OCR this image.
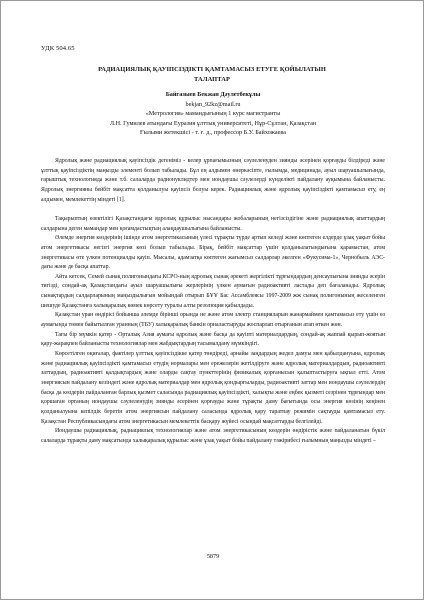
УДК 504.65
РАДИАЦИЯЛЫҚ ҚАУІПСІЗДІКТІ ҚАМТАМАСЫЗ ЕТУГЕ ҚОЙЫЛАТЫН
ТАЛАПТАР
Байгазыев Бекжан Дәулетбекұлы
bekjan_92kz@mail.ru
«Метрология» мамандығының 1 курс магистранты
Л.Н. Гумилев атындағы Еуразия ұлттық университеті, Нұр-Сұлтан, Қазақстан
Ғылыми жетекшісі - т. ғ. д., профессор Б.У. Байхожаева

Ядролық және радиациялық қауіпсіздік дегеніміз - келер ұрпағымызның сәулеленуден зиянды әсерінен қорғауды білдіреді және ұлттық қауіпсіздіктің маңызды элементі болып табылады. Бұл ең алдымен өнеркәсіпте, ғылымда, медицинада, ауыл шаруашылығында, ғарыштық технологияда және т.б. салаларда радионуклидтер мен иондаушы сәулелерді күнделікті пайдалану ауқымына байланысты. Ядролық энергияны бейбіт мақсатта қолданылуы қауіпсіз болуы керек. Радиациялық және ядролық қауіпсіздікті қамтамасыз ету, ең алдымен, мемлекеттің міндеті [1].

Тақырыптың өзектілігі Қазақстандағы ядролық құрылыс нысандары жобаларының негізсіздігіне және радиациялық апаттардың салдарына деген мамандар мен қоғамдастықтың алаңдаушылығына байланысты.

Әлемде энергия көздерінің ішінде атом энергетикасының үлесі тұрақты түрде артып келеді және көптеген елдерде ұзақ уақыт бойы атом энергетикасы негізгі энергия көзі болып табылады. Бірақ, бейбіт мақсаттар үшін қолданылатындығына қарамастан, атом энергетикасы өте үлкен потенциалды қауіп. Мысалы, адамзатқа көптеген жағымсыз салдарлар әкелген «Фукусима-1», Чернобыль АЭС-дағы және де басқа апаттар.

Айта кетсек, Семей сынақ полигонындағы КСРО-ның ядролық сынақ әрекеті жергілікті тұрғындардың денсаулығына зиянды әсерін тигізді, сондай-ақ Қазақстандағы ауыл шаруашылығы жерлерінің үлкен аумағын радиоактивті ластады деп бағаланады. Ядролық сынақтардың салдарларының маңыздылығын мойындай отырып БҰҰ Бас Ассамблеясы 1997-2009 жж сынақ полигонының жеселенген шешуде Қазақстанға халықаралық көмек көрсету туралы алты резолюция қабылдады.

Қазақстан уран өндірісі бойынша әлемде бірінші орында не және атом электр станцияларын жанармаймен қамтамасыз ету үшін өз аумағында төмен байытылған уранның (ТБУ) халықаралық банкін орналастыруды жоспарлап отырғанын атап өткен жөн.

Тағы бір мүмкін қатер - Орталық Азия аумағы ядролық және басқа да қауіпті материалдардың, сондай-ақ жаппай қырып-жоятын қару-жарақпен байланысты технологиялар мен жабдықтардың тасымалдану мүмкіндігі.

Көрсетілген оқиғалар, фактілер ұлттық қауіпсіздікке қатер төндіреді, арнайы заңдардың жедел дамуы мен қабылдануына, ядролық және радиациялық қауіпсіздікті қамтамасыз етудің нормалары мен ережелерін жетілдіруге және ядролық материалдардың, радиоактивті заттардың, радиоактивті қалдықтардың және оларды сақтау пункттерінің физикалық қорғанысын қалыптастыруға ықпал етті. Атом энергиясын пайдалану кезіндегі және ядролық материалдар мен ядролық қондырғыларды, радиоактивті заттар мен иондаушы сәулелердің басқа да көздерін пайдаланған барлық қызмет саласында радиациялық қауіпсіздікті, халықты және еңбек қызметі сезрінен тұрғындар мен қоршаған ортаның иондаушы сәулеленудің зиянды әсерінен қорғауды және тұрақты даму бағытында осы энергия көзінің кеңінен қолданылуына кепілдік беретін атом энергиясын пайдалану саласында ядролық қару таратпау режимін сақтауды қамтамасыз ету. Қазақстан Республикасындағы атом энергетикасын мемлекеттік басқару жүйесі осындай мақсаттарды белгілейді.

Иондаушы радиациялық, радиациялық технологиялар және атом энергетикасының көздерін өндірістік және пайдаланатын бүкіл салаларда тұрақты даму мақсатында халықаралық құрылыс және ұзақ уақыт бойы пайдалану тәжірибесі ғылымның маңызды міндеті –

5879
